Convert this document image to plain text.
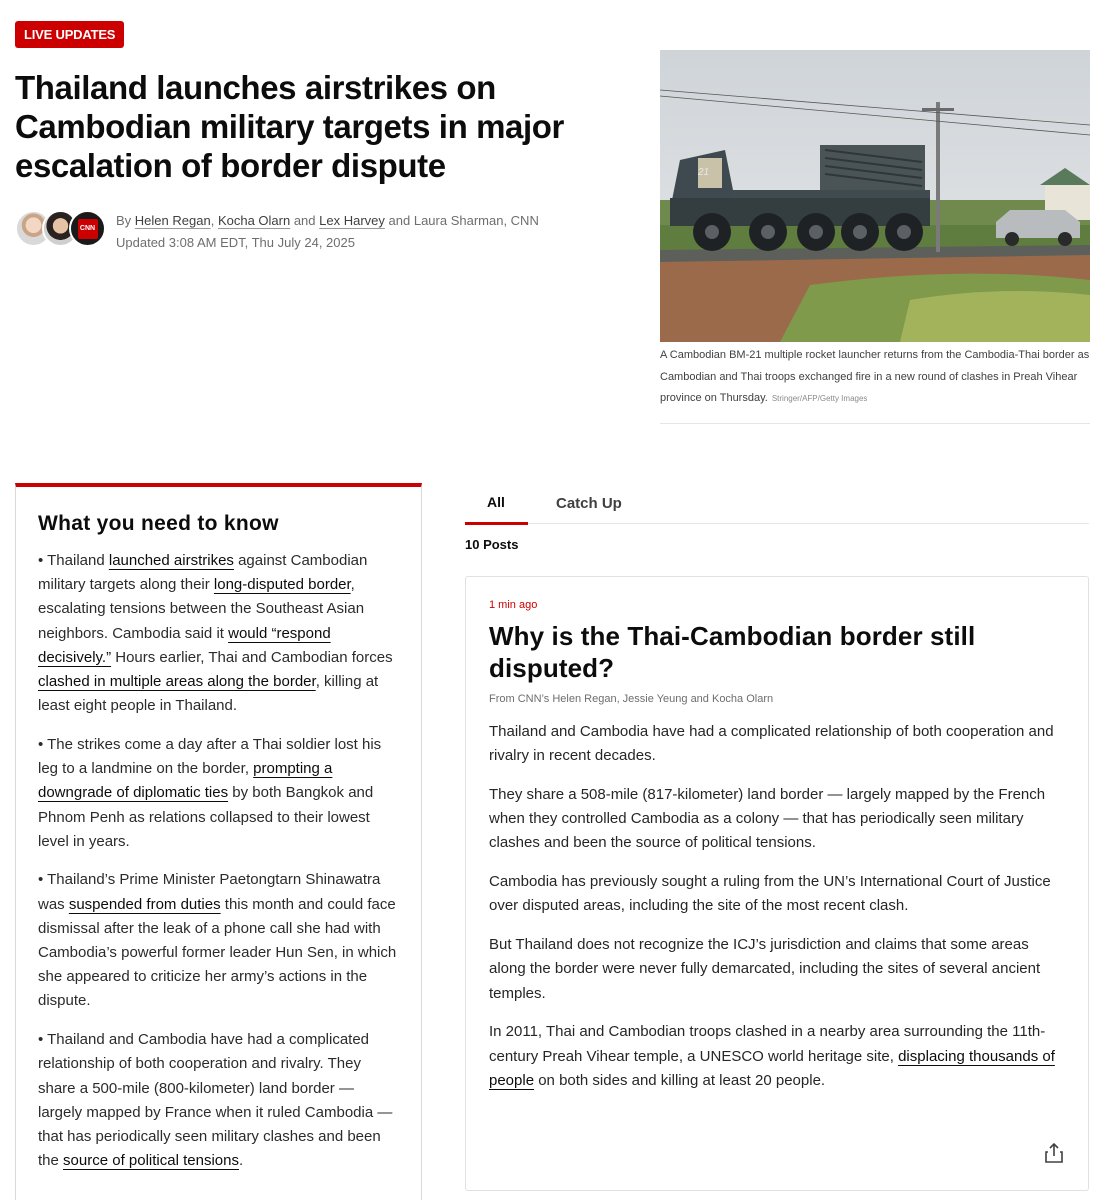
LIVE UPDATES
Thailand launches airstrikes on Cambodian military targets in major escalation of border dispute
CNN
By Helen Regan, Kocha Olarn and Lex Harvey and Laura Sharman, CNN
Updated 3:08 AM EDT, Thu July 24, 2025
21
A Cambodian BM-21 multiple rocket launcher returns from the Cambodia-Thai border as Cambodian and Thai troops exchanged fire in a new round of clashes in Preah Vihear province on Thursday. Stringer/AFP/Getty Images
What you need to know

• Thailand launched airstrikes against Cambodian military targets along their long-disputed border, escalating tensions between the Southeast Asian neighbors. Cambodia said it would “respond decisively.” Hours earlier, Thai and Cambodian forces clashed in multiple areas along the border, killing at least eight people in Thailand.

• The strikes come a day after a Thai soldier lost his leg to a landmine on the border, prompting a downgrade of diplomatic ties by both Bangkok and Phnom Penh as relations collapsed to their lowest level in years.

• Thailand’s Prime Minister Paetongtarn Shinawatra was suspended from duties this month and could face dismissal after the leak of a phone call she had with Cambodia’s powerful former leader Hun Sen, in which she appeared to criticize her army’s actions in the dispute.

• Thailand and Cambodia have had a complicated relationship of both cooperation and rivalry. They share a 500-mile (800-kilometer) land border — largely mapped by France when it ruled Cambodia — that has periodically seen military clashes and been the source of political tensions.

All	Catch Up
10 Posts
1 min ago
Why is the Thai-Cambodian border still disputed?
From CNN’s Helen Regan, Jessie Yeung and Kocha Olarn

Thailand and Cambodia have had a complicated relationship of both cooperation and rivalry in recent decades.

They share a 508-mile (817-kilometer) land border — largely mapped by the French when they controlled Cambodia as a colony — that has periodically seen military clashes and been the source of political tensions.

Cambodia has previously sought a ruling from the UN’s International Court of Justice over disputed areas, including the site of the most recent clash.

But Thailand does not recognize the ICJ’s jurisdiction and claims that some areas along the border were never fully demarcated, including the sites of several ancient temples.

In 2011, Thai and Cambodian troops clashed in a nearby area surrounding the 11th-century Preah Vihear temple, a UNESCO world heritage site, displacing thousands of people on both sides and killing at least 20 people.
